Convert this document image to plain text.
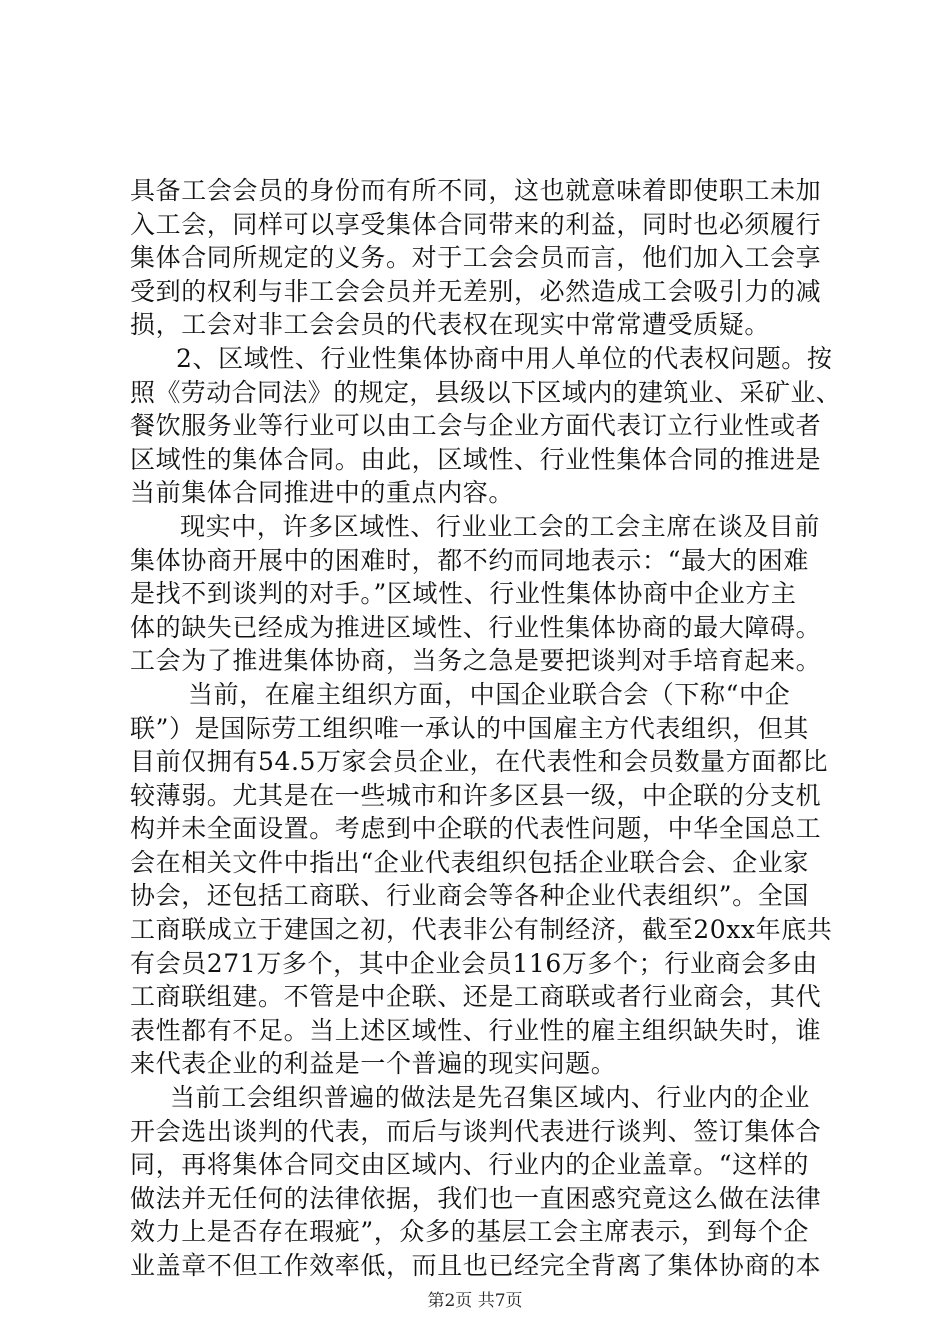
具备工会会员的身份而有所不同，这也就意味着即使职工未加
入工会，同样可以享受集体合同带来的利益，同时也必须履行
集体合同所规定的义务。对于工会会员而言，他们加入工会享
受到的权利与非工会会员并无差别，必然造成工会吸引力的减
损，工会对非工会会员的代表权在现实中常常遭受质疑。
2、区域性、行业性集体协商中用人单位的代表权问题。按
照《劳动合同法》的规定，县级以下区域内的建筑业、采矿业、
餐饮服务业等行业可以由工会与企业方面代表订立行业性或者
区域性的集体合同。由此，区域性、行业性集体合同的推进是
当前集体合同推进中的重点内容。
现实中，许多区域性、行业业工会的工会主席在谈及目前
集体协商开展中的困难时，都不约而同地表示：“最大的困难
是找不到谈判的对手。”区域性、行业性集体协商中企业方主
体的缺失已经成为推进区域性、行业性集体协商的最大障碍。
工会为了推进集体协商，当务之急是要把谈判对手培育起来。
当前，在雇主组织方面，中国企业联合会（下称“中企
联”）是国际劳工组织唯一承认的中国雇主方代表组织，但其
目前仅拥有54.5万家会员企业，在代表性和会员数量方面都比
较薄弱。尤其是在一些城市和许多区县一级，中企联的分支机
构并未全面设置。考虑到中企联的代表性问题，中华全国总工
会在相关文件中指出“企业代表组织包括企业联合会、企业家
协会，还包括工商联、行业商会等各种企业代表组织”。全国
工商联成立于建国之初，代表非公有制经济，截至20xx年底共
有会员271万多个，其中企业会员116万多个；行业商会多由
工商联组建。不管是中企联、还是工商联或者行业商会，其代
表性都有不足。当上述区域性、行业性的雇主组织缺失时，谁
来代表企业的利益是一个普遍的现实问题。
当前工会组织普遍的做法是先召集区域内、行业内的企业
开会选出谈判的代表，而后与谈判代表进行谈判、签订集体合
同，再将集体合同交由区域内、行业内的企业盖章。“这样的
做法并无任何的法律依据，我们也一直困惑究竟这么做在法律
效力上是否存在瑕疵”，众多的基层工会主席表示，到每个企
业盖章不但工作效率低，而且也已经完全背离了集体协商的本
第2页 共7页
